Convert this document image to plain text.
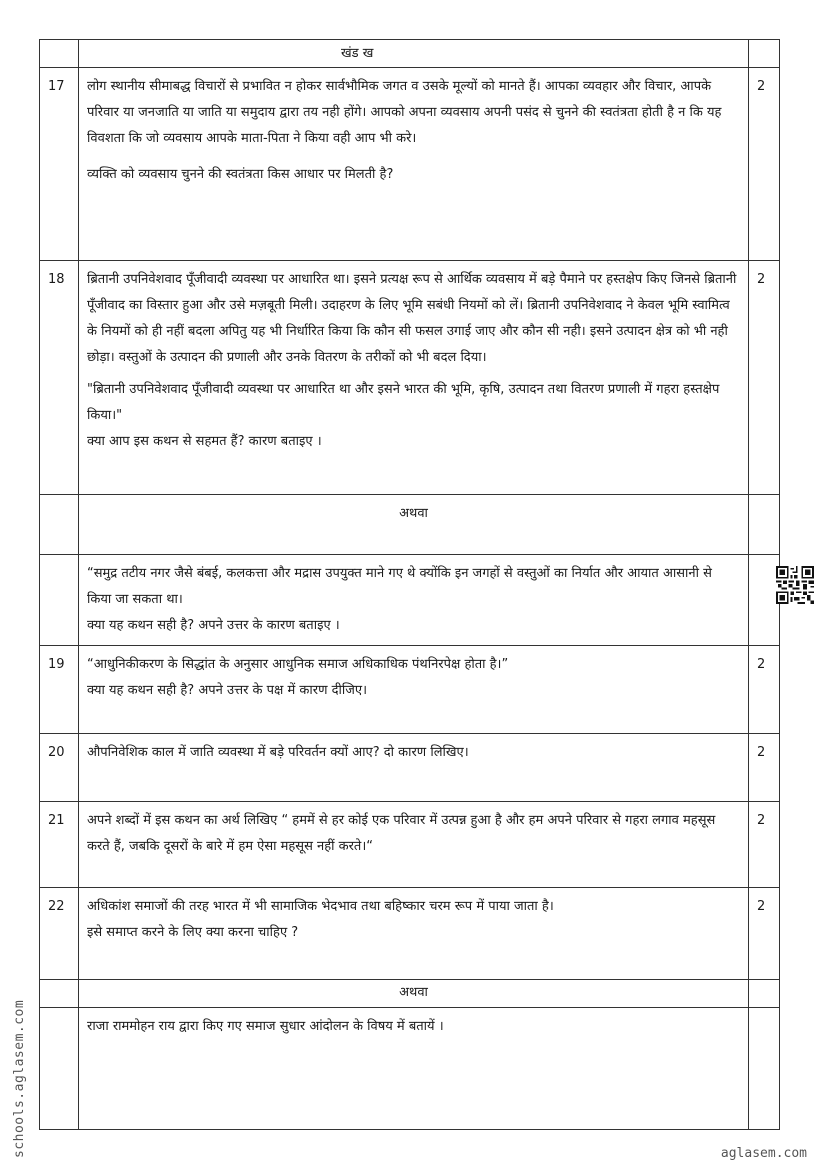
	खंड ख	
17	लोग स्थानीय सीमाबद्ध विचारों से प्रभावित न होकर सार्वभौमिक जगत व उसके मूल्यों को मानते हैं। आपका व्यवहार और विचार, आपके परिवार या जनजाति या जाति या समुदाय द्वारा तय नही होंगे। आपको अपना व्यवसाय अपनी पसंद से चुनने की स्वतंत्रता होती है न कि यह विवशता कि जो व्यवसाय आपके माता-पिता ने किया वही आप भी करे।

व्यक्ति को व्यवसाय चुनने की स्वतंत्रता किस आधार पर मिलती है?	2
18	ब्रितानी उपनिवेशवाद पूँजीवादी व्यवस्था पर आधारित था। इसने प्रत्यक्ष रूप से आर्थिक व्यवसाय में बड़े पैमाने पर हस्तक्षेप किए जिनसे ब्रितानी पूँजीवाद का विस्तार हुआ और उसे मज़बूती मिली। उदाहरण के लिए भूमि सबंधी नियमों को लें। ब्रितानी उपनिवेशवाद ने केवल भूमि स्वामित्व के नियमों को ही नहीं बदला अपितु यह भी निर्धारित किया कि कौन सी फसल उगाई जाए और कौन सी नही। इसने उत्पादन क्षेत्र को भी नही छोड़ा। वस्तुओं के उत्पादन की प्रणाली और उनके वितरण के तरीकों को भी बदल दिया।

"ब्रितानी उपनिवेशवाद पूँजीवादी व्यवस्था पर आधारित था और इसने भारत की भूमि, कृषि, उत्पादन तथा वितरण प्रणाली में गहरा हस्तक्षेप किया।"

क्या आप इस कथन से सहमत हैं? कारण बताइए ।	2
	अथवा	

	“समुद्र तटीय नगर जैसे बंबई, कलकत्ता और मद्रास उपयुक्त माने गए थे क्योंकि इन जगहों से वस्तुओं का निर्यात और आयात आसानी से किया जा सकता था।

क्या यह कथन सही है? अपने उत्तर के कारण बताइए ।	

19	“आधुनिकीकरण के सिद्धांत के अनुसार आधुनिक समाज अधिकाधिक पंथनिरपेक्ष होता है।”

क्या यह कथन सही है? अपने उत्तर के पक्ष में कारण दीजिए।	2
20	औपनिवेशिक काल में जाति व्यवस्था में बड़े परिवर्तन क्यों आए? दो कारण लिखिए।	2
21	अपने शब्दों में इस कथन का अर्थ लिखिए “ हममें से हर कोई एक परिवार में उत्पन्न हुआ है और हम अपने परिवार से गहरा लगाव महसूस करते हैं, जबकि दूसरों के बारे में हम ऐसा महसूस नहीं करते।“	2
22	अधिकांश समाजों की तरह भारत में भी सामाजिक भेदभाव तथा बहिष्कार चरम रूप में पाया जाता है।

इसे समाप्त करने के लिए क्या करना चाहिए ?	2
	अथवा	
	राजा राममोहन राय द्वारा किए गए समाज सुधार आंदोलन के विषय में बतायें ।	
schools.aglasem.com	aglasem.com
